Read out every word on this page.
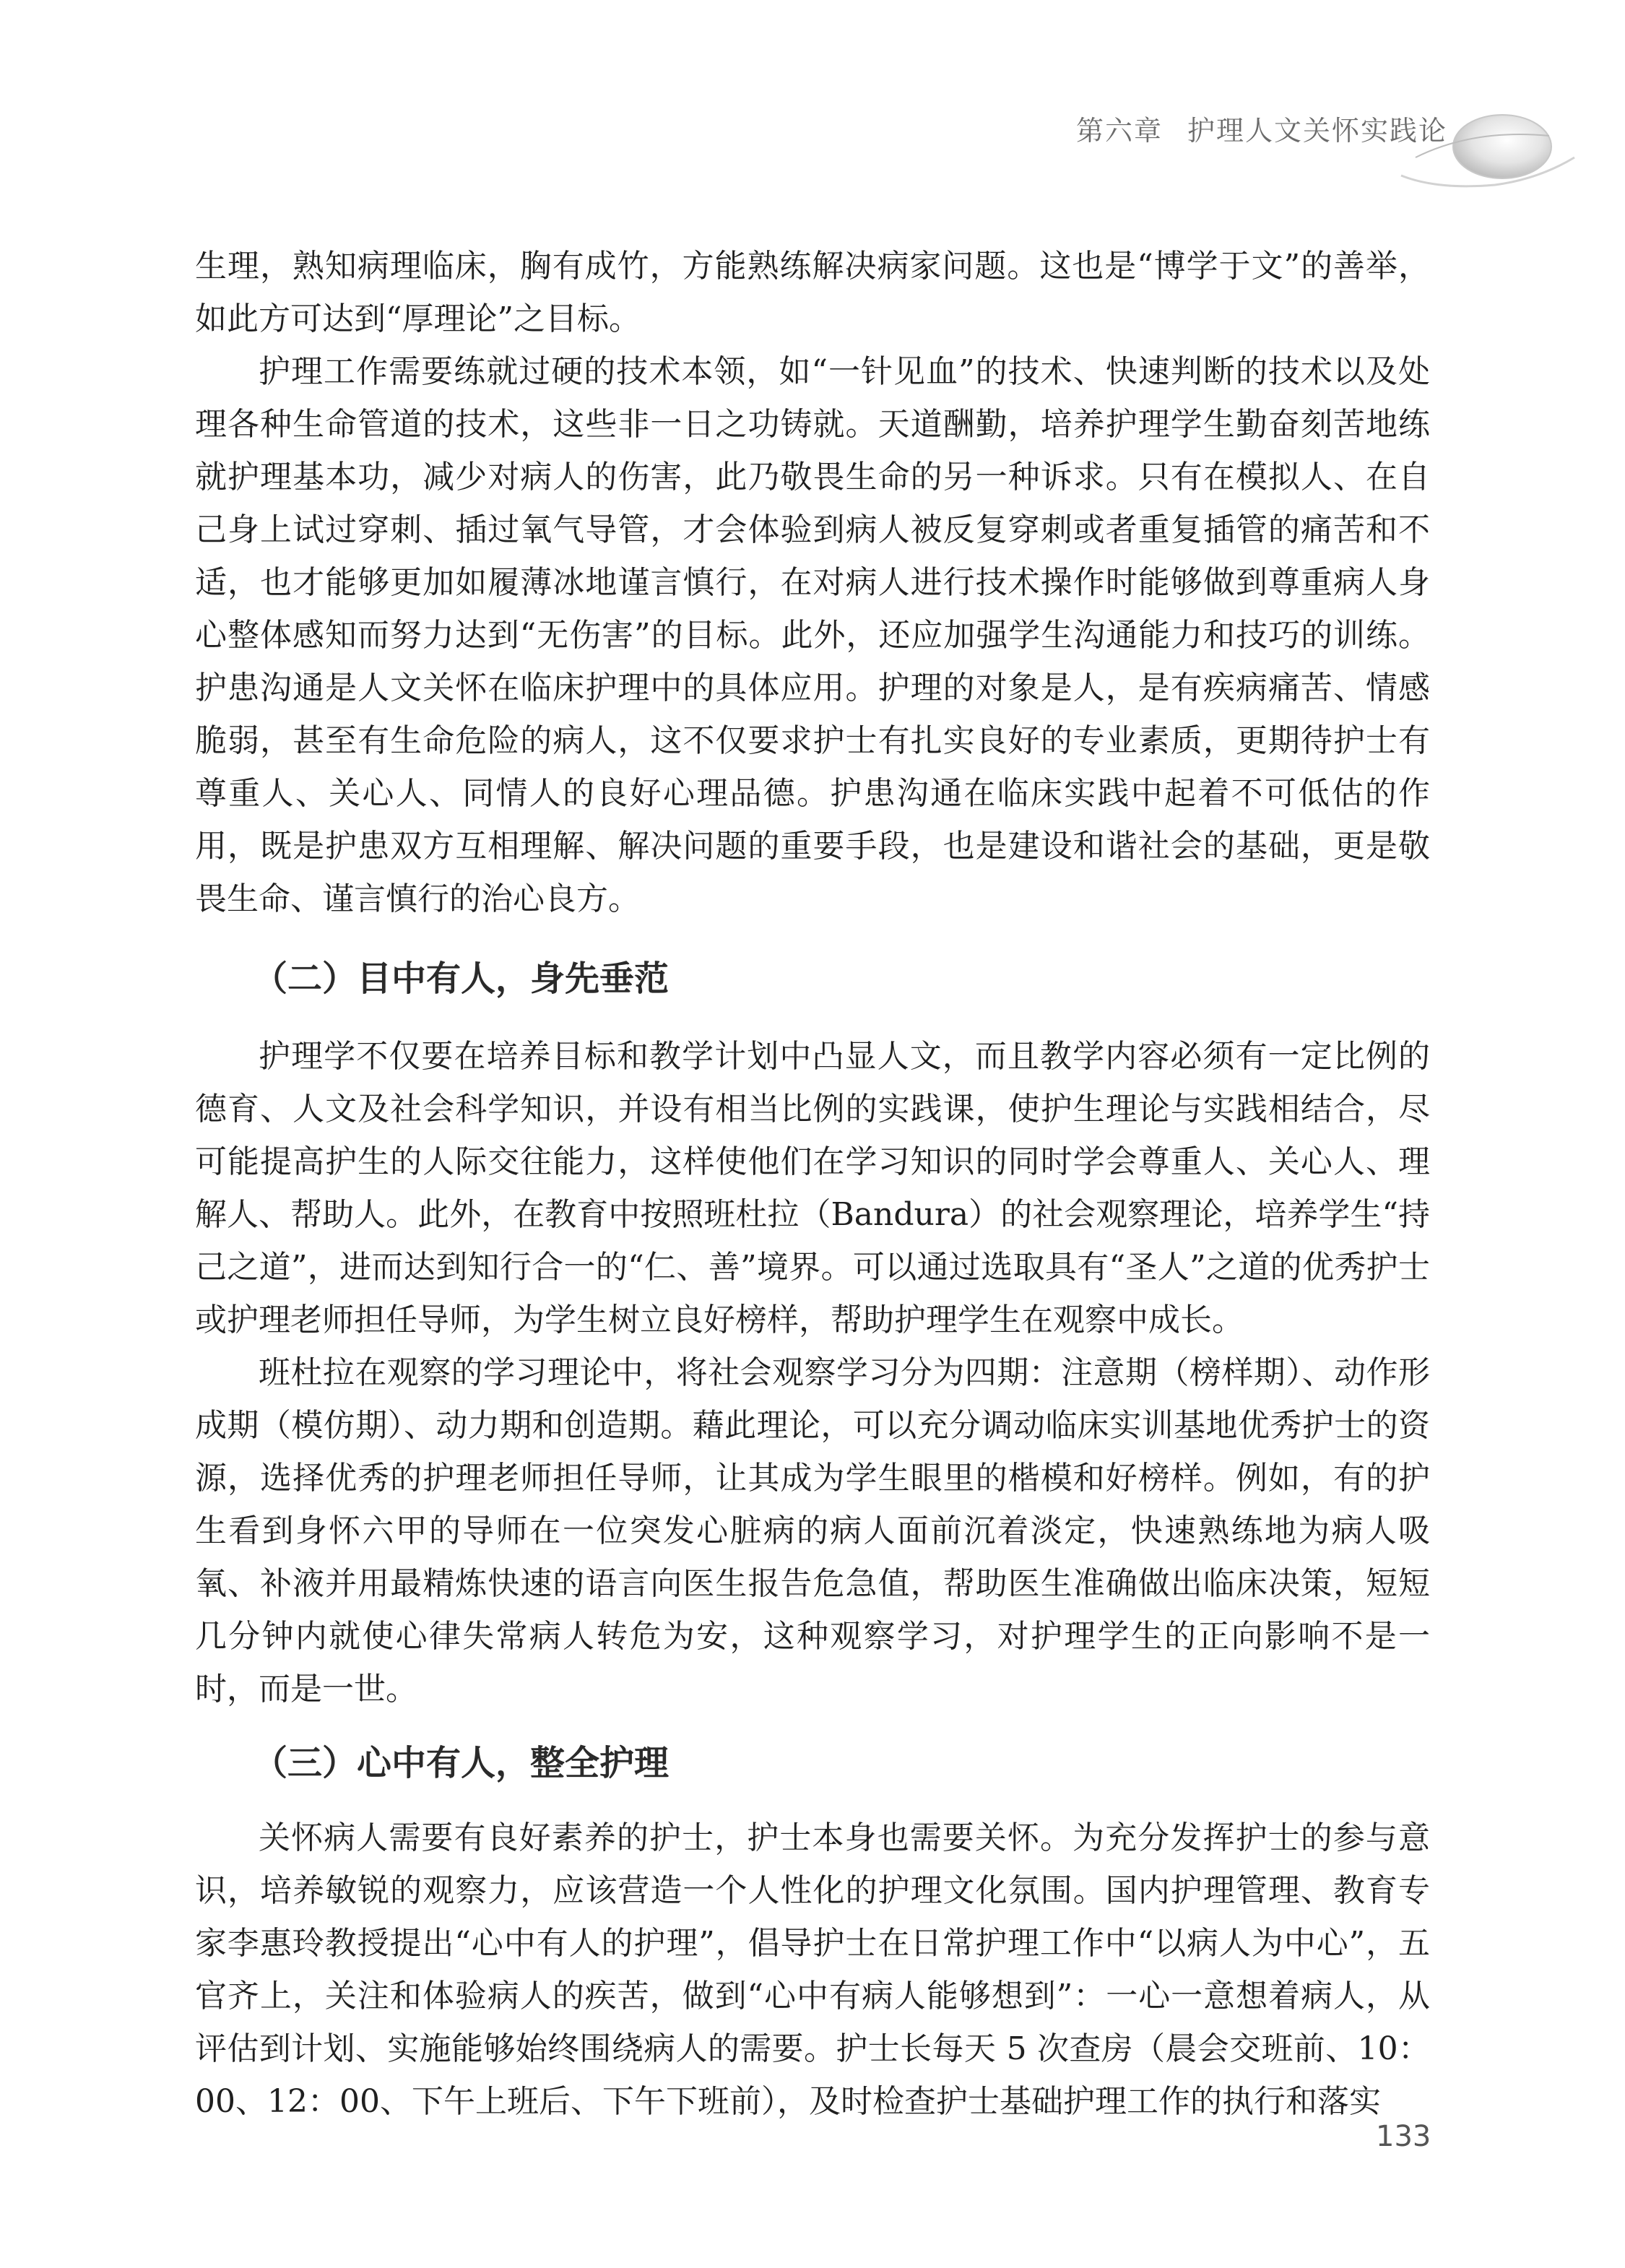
第六章 护理人文关怀实践论

生理，熟知病理临床，胸有成竹，方能熟练解决病家问题。这也是“博学于文”的善举，如此方可达到“厚理论”之目标。

护理工作需要练就过硬的技术本领，如“一针见血”的技术、快速判断的技术以及处理各种生命管道的技术，这些非一日之功铸就。天道酬勤，培养护理学生勤奋刻苦地练就护理基本功，减少对病人的伤害，此乃敬畏生命的另一种诉求。只有在模拟人、在自己身上试过穿刺、插过氧气导管，才会体验到病人被反复穿刺或者重复插管的痛苦和不适，也才能够更加如履薄冰地谨言慎行，在对病人进行技术操作时能够做到尊重病人身心整体感知而努力达到“无伤害”的目标。此外，还应加强学生沟通能力和技巧的训练。护患沟通是人文关怀在临床护理中的具体应用。护理的对象是人，是有疾病痛苦、情感脆弱，甚至有生命危险的病人，这不仅要求护士有扎实良好的专业素质，更期待护士有尊重人、关心人、同情人的良好心理品德。护患沟通在临床实践中起着不可低估的作用，既是护患双方互相理解、解决问题的重要手段，也是建设和谐社会的基础，更是敬畏生命、谨言慎行的治心良方。

（二）目中有人，身先垂范

护理学不仅要在培养目标和教学计划中凸显人文，而且教学内容必须有一定比例的德育、人文及社会科学知识，并设有相当比例的实践课，使护生理论与实践相结合，尽可能提高护生的人际交往能力，这样使他们在学习知识的同时学会尊重人、关心人、理解人、帮助人。此外，在教育中按照班杜拉（Bandura）的社会观察理论，培养学生“持己之道”，进而达到知行合一的“仁、善”境界。可以通过选取具有“圣人”之道的优秀护士或护理老师担任导师，为学生树立良好榜样，帮助护理学生在观察中成长。

班杜拉在观察的学习理论中，将社会观察学习分为四期：注意期（榜样期）、动作形成期（模仿期）、动力期和创造期。藉此理论，可以充分调动临床实训基地优秀护士的资源，选择优秀的护理老师担任导师，让其成为学生眼里的楷模和好榜样。例如，有的护生看到身怀六甲的导师在一位突发心脏病的病人面前沉着淡定，快速熟练地为病人吸氧、补液并用最精炼快速的语言向医生报告危急值，帮助医生准确做出临床决策，短短几分钟内就使心律失常病人转危为安，这种观察学习，对护理学生的正向影响不是一时，而是一世。

（三）心中有人，整全护理

关怀病人需要有良好素养的护士，护士本身也需要关怀。为充分发挥护士的参与意识，培养敏锐的观察力，应该营造一个人性化的护理文化氛围。国内护理管理、教育专家李惠玲教授提出“心中有人的护理”，倡导护士在日常护理工作中“以病人为中心”，五官齐上，关注和体验病人的疾苦，做到“心中有病人能够想到”：一心一意想着病人，从评估到计划、实施能够始终围绕病人的需要。护士长每天 5 次查房（晨会交班前、10：00、12：00、下午上班后、下午下班前），及时检查护士基础护理工作的执行和落实

133
